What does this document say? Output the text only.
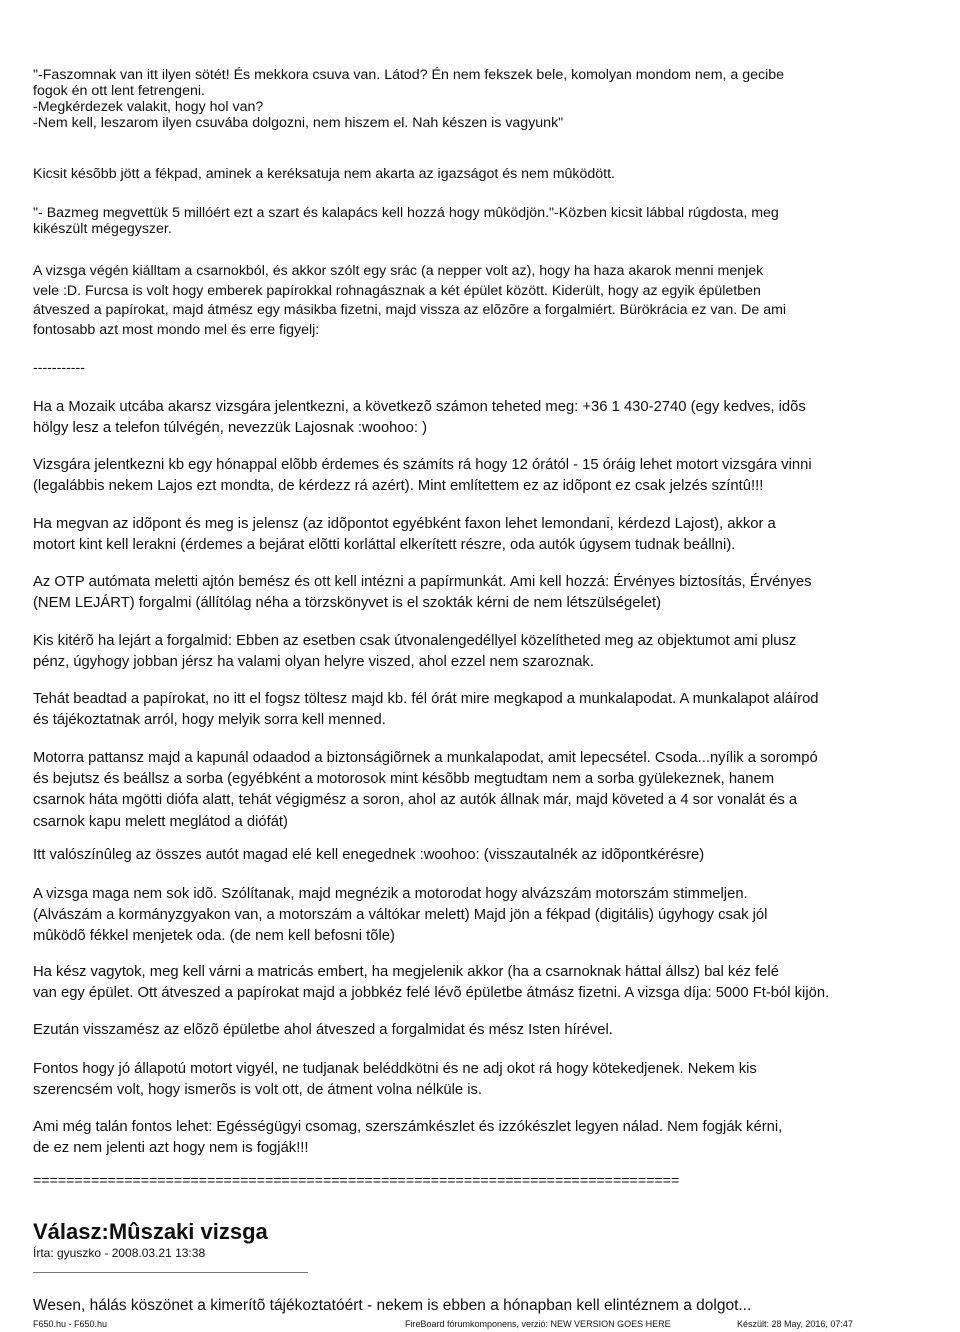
"-Faszomnak van itt ilyen sötét! És mekkora csuva van. Látod? Én nem fekszek bele, komolyan mondom nem, a gecibe
fogok én ott lent fetrengeni.
-Megkérdezek valakit, hogy hol van?
-Nem kell, leszarom ilyen csuvába dolgozni, nem hiszem el. Nah készen is vagyunk"

Kicsit késõbb jött a fékpad, aminek a keréksatuja nem akarta az igazságot és nem mûködött.

"- Bazmeg megvettük 5 millóért ezt a szart és kalapács kell hozzá hogy mûködjön."-Közben kicsit lábbal rúgdosta, meg
kikészült mégegyszer.

A vizsga végén kiálltam a csarnokból, és akkor szólt egy srác (a nepper volt az), hogy ha haza akarok menni menjek
vele :D. Furcsa is volt hogy emberek papírokkal rohnagásznak a két épület között. Kiderült, hogy az egyik épületben
átveszed a papírokat, majd átmész egy másikba fizetni, majd vissza az elõzõre a forgalmiért. Bürökrácia ez van. De ami
fontosabb azt most mondo mel és erre figyelj:

-----------

Ha a Mozaik utcába akarsz vizsgára jelentkezni, a következõ számon teheted meg: +36 1 430-2740 (egy kedves, idõs
hölgy lesz a telefon túlvégén, nevezzük Lajosnak :woohoo: )

Vizsgára jelentkezni kb egy hónappal elõbb érdemes és számíts rá hogy 12 órától - 15 óráig lehet motort vizsgára vinni
(legalábbis nekem Lajos ezt mondta, de kérdezz rá azért). Mint említettem ez az idõpont ez csak jelzés színtû!!!

Ha megvan az idõpont és meg is jelensz (az idõpontot egyébként faxon lehet lemondani, kérdezd Lajost), akkor a
motort kint kell lerakni (érdemes a bejárat elõtti korláttal elkerített részre, oda autók úgysem tudnak beállni).

Az OTP autómata meletti ajtón bemész és ott kell intézni a papírmunkát. Ami kell hozzá: Érvényes biztosítás, Érvényes
(NEM LEJÁRT) forgalmi (állítólag néha a törzskönyvet is el szokták kérni de nem létszülségelet)

Kis kitérõ ha lejárt a forgalmid: Ebben az esetben csak útvonalengedéllyel közelítheted meg az objektumot ami plusz
pénz, úgyhogy jobban jérsz ha valami olyan helyre viszed, ahol ezzel nem szaroznak.

Tehát beadtad a papírokat, no itt el fogsz töltesz majd kb. fél órát mire megkapod a munkalapodat. A munkalapot aláírod
és tájékoztatnak arról, hogy melyik sorra kell menned.

Motorra pattansz majd a kapunál odaadod a biztonságiõrnek a munkalapodat, amit lepecsétel. Csoda...nyílik a sorompó
és bejutsz és beállsz a sorba (egyébként a motorosok mint késõbb megtudtam nem a sorba gyülekeznek, hanem
csarnok háta mgötti diófa alatt, tehát végigmész a soron, ahol az autók állnak már, majd követed a 4 sor vonalát és a
csarnok kapu melett meglátod a diófát)

Itt valószínûleg az összes autót magad elé kell enegednek :woohoo: (visszautalnék az idõpontkérésre)

A vizsga maga nem sok idõ. Szólítanak, majd megnézik a motorodat hogy alvázszám motorszám stimmeljen.
(Alvászám a kormányzgyakon van, a motorszám a váltókar melett) Majd jön a fékpad (digitális) úgyhogy csak jól
mûködõ fékkel menjetek oda. (de nem kell befosni tõle)

Ha kész vagytok, meg kell várni a matricás embert, ha megjelenik akkor (ha a csarnoknak háttal állsz) bal kéz felé
van egy épület. Ott átveszed a papírokat majd a jobbkéz felé lévõ épületbe átmász fizetni. A vizsga díja: 5000 Ft-ból kijön.

Ezután visszamész az elõzõ épületbe ahol átveszed a forgalmidat és mész Isten hírével.

Fontos hogy jó állapotú motort vigyél, ne tudjanak beléddkötni és ne adj okot rá hogy kötekedjenek. Nekem kis
szerencsém volt, hogy ismerõs is volt ott, de átment volna nélküle is.

Ami még talán fontos lehet: Egésségügyi csomag, szerszámkészlet és izzókészlet legyen nálad. Nem fogják kérni,
de ez nem jelenti azt hogy nem is fogják!!!

==============================================================================

Válasz:Mûszaki vizsga

Írta: gyuszko - 2008.03.21 13:38

Wesen, hálás köszönet a kimerítõ tájékoztatóért - nekem is ebben a hónapban kell elintéznem a dolgot...

F650.hu - F650.hu	FireBoard fórumkomponens, verzió: NEW VERSION GOES HERE	Készült: 28 May, 2016, 07:47
